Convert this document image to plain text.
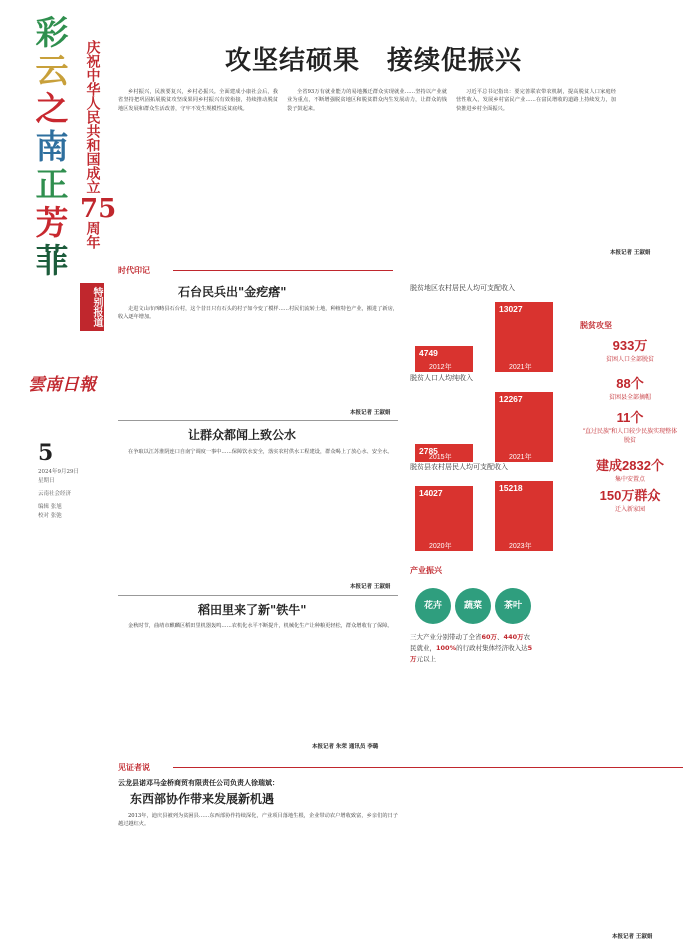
彩
云
之
南
正
芳
菲
庆祝中华人民共和国成立
75
周年
特别报道
雲南日報
5
2024年9月29日
星期日
云南社会经济
编辑 张旭
校对 张弛
攻坚结硕果　接续促振兴

乡村振兴，民族要复兴，乡村必振兴。全面建成小康社会后，我省坚持把巩固拓展脱贫攻坚成果同乡村振兴有效衔接，持续推动脱贫地区发展和群众生活改善，守牢不发生规模性返贫底线。

全省93万有就业能力的易地搬迁群众实现就业……坚持以产业就业为重点，不断增强脱贫地区和脱贫群众内生发展动力，让群众的钱袋子鼓起来。

习近平总书记指出：要完善联农带农机制，提高脱贫人口家庭经营性收入，发展乡村富民产业……在富民增收的道路上持续发力，加快推进乡村全面振兴。

本报记者 王淑娟
时代印记
石台民兵出"金疙瘩"

走进文山市西畴县石台村，这个昔日只有石头的村子如今变了模样……村民们流转土地，种植特色产业，搬进了新房，收入逐年增加。

本报记者 王淑娟
让群众都闻上致公水

在争取以江苏淮阴连口自南宁调度一事中……保障饮水安全，落实农村供水工程建设，群众喝上了放心水、安全水。

本报记者 王淑娟
稻田里来了新"铁牛"

金秋时节，曲靖市麒麟区稻田里机器轰鸣……农机化水平不断提升，机械化生产让种粮更轻松，群众增收有了保障。

本报记者 朱荣 通讯员 李璐
见证者说
云龙县诺邓马金桥商贸有限责任公司负责人徐瑞斌：
东西部协作带来发展新机遇

2013年，迪庆县被列为贫困县……东西部协作持续深化，产业项目落地生根，企业带动农户增收致富，乡亲们的日子越过越红火。

本报记者 王淑娟
脱贫地区农村居民人均可支配收入
脱贫人口人均纯收入
脱贫县农村居民人均可支配收入
4749
2012年
13027
2021年
2785
2015年
12267
2021年
14027
2020年
15218
2023年
脱贫攻坚
933万
贫困人口全部脱贫
88个
贫困县全部摘帽
11个
"直过民族"和人口较少民族实现整体脱贫
建成2832个
集中安置点
150万群众
迁入新家园
产业振兴
花卉	蔬菜	茶叶
三大产业分别带动了全省60万、440万农民就业，100%的行政村集体经济收入达5万元以上
